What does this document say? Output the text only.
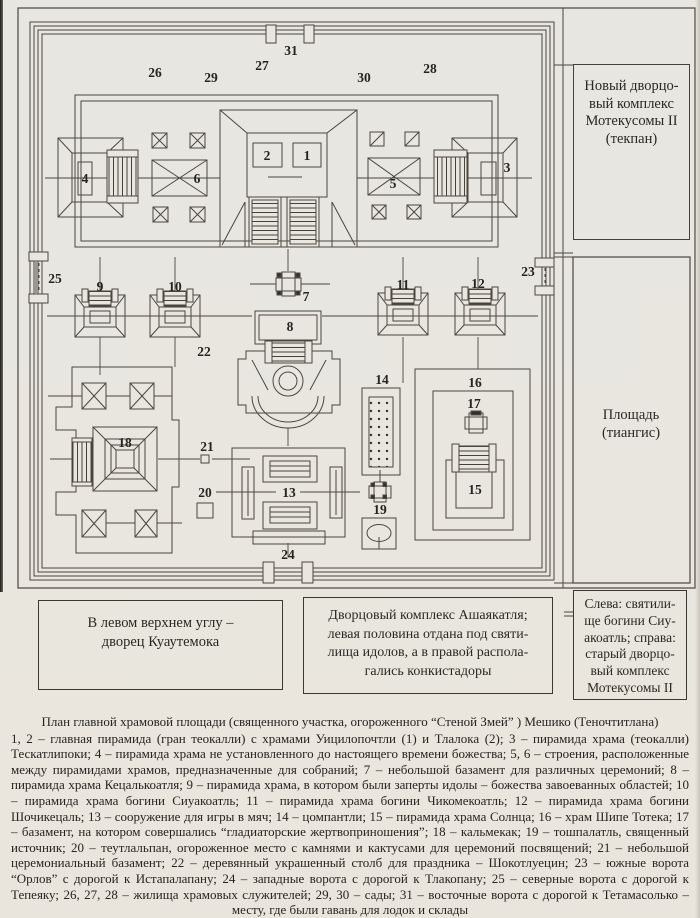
1
2
3
4	5
6
7
8
9	10	11	12
13
14
15
16
17
18
19
20
21
22
23
24
25
26	27	28
29	30
31
Новый дворцо-
вый комплекс
Мотекусомы II
(текпан)
Площадь
(тиангис)
В левом верхнем углу –
дворец Куаутемока
Дворцовый комплекс Ашаякатля;
левая половина отдана под святи-
лища идолов, а в правой распола-
гались конкистадоры
Слева: святили-
ще богини Сиу-
акоатль; справа:
старый дворцо-
вый комплекс
Мотекусомы II
План главной храмовой площади (священного участка, огороженного “Стеной Змей” ) Мешико (Теночтитлана)
1, 2 – главная пирамида (гран теокалли) с храмами Уицилопочтли (1) и Тлалока (2); 3 – пирамида храма (теокалли) Тескатлипоки; 4 – пирамида храма не установленного до настоящего времени божества; 5, 6 – строения, расположенные между пирамидами храмов, предназначенные для собраний; 7 – небольшой базамент для различных церемоний; 8 – пирамида храма Кецалькоатля; 9 – пирамида храма, в котором были заперты идолы – божества завоеванных областей; 10 – пирамида храма богини Сиуакоатль; 11 – пирамида храма богини Чикомекоатль; 12 – пирамида храма богини Шочикецаль; 13 – сооружение для игры в мяч; 14 – цомпантли; 15 – пирамида храма Солнца; 16 – храм Шипе Тотека; 17 – базамент, на котором совершались “гладиаторские жертвоприношения”; 18 – кальмекак; 19 – тошпалатль, священный источник; 20 – теутлальпан, огороженное место с камнями и кактусами для церемоний посвящений; 21 – небольшой церемониальный базамент; 22 – деревянный украшенный столб для праздника – Шокотлуецин; 23 – южные ворота “Орлов” с дорогой к Истапалапану; 24 – западные ворота с дорогой к Тлакопану; 25 – северные ворота с дорогой к Тепеяку; 26, 27, 28 – жилища храмовых служителей; 29, 30 – сады; 31 – восточные ворота с дорогой к Тетамасолько – месту, где были гавань для лодок и склады
